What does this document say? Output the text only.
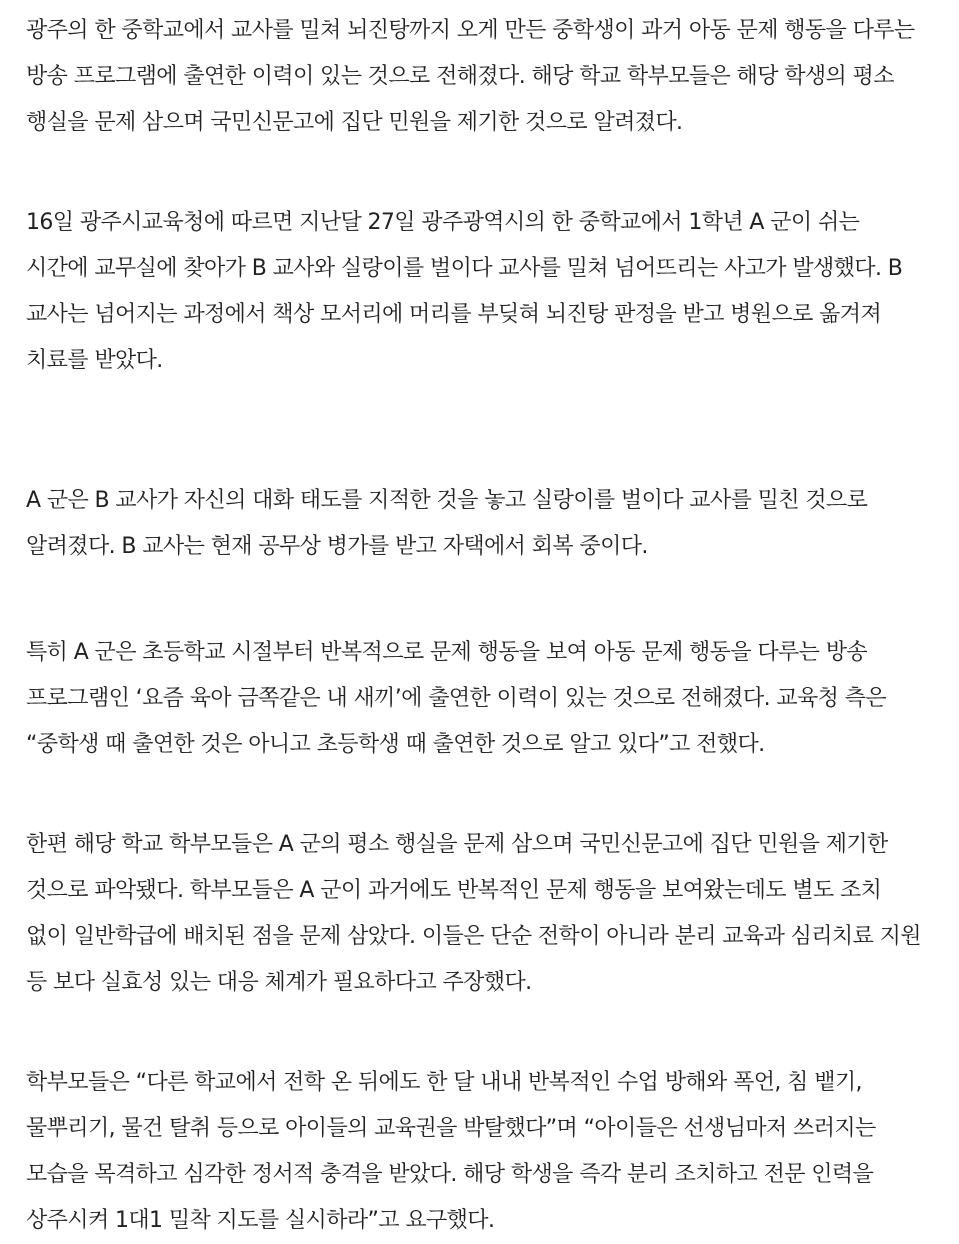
광주의 한 중학교에서 교사를 밀쳐 뇌진탕까지 오게 만든 중학생이 과거 아동 문제 행동을 다루는 방송 프로그램에 출연한 이력이 있는 것으로 전해졌다. 해당 학교 학부모들은 해당 학생의 평소 행실을 문제 삼으며 국민신문고에 집단 민원을 제기한 것으로 알려졌다.

16일 광주시교육청에 따르면 지난달 27일 광주광역시의 한 중학교에서 1학년 A 군이 쉬는 시간에 교무실에 찾아가 B 교사와 실랑이를 벌이다 교사를 밀쳐 넘어뜨리는 사고가 발생했다. B 교사는 넘어지는 과정에서 책상 모서리에 머리를 부딪혀 뇌진탕 판정을 받고 병원으로 옮겨져 치료를 받았다.

A 군은 B 교사가 자신의 대화 태도를 지적한 것을 놓고 실랑이를 벌이다 교사를 밀친 것으로 알려졌다. B 교사는 현재 공무상 병가를 받고 자택에서 회복 중이다.

특히 A 군은 초등학교 시절부터 반복적으로 문제 행동을 보여 아동 문제 행동을 다루는 방송 프로그램인 ‘요즘 육아 금쪽같은 내 새끼’에 출연한 이력이 있는 것으로 전해졌다. 교육청 측은 “중학생 때 출연한 것은 아니고 초등학생 때 출연한 것으로 알고 있다”고 전했다.

한편 해당 학교 학부모들은 A 군의 평소 행실을 문제 삼으며 국민신문고에 집단 민원을 제기한 것으로 파악됐다. 학부모들은 A 군이 과거에도 반복적인 문제 행동을 보여왔는데도 별도 조치 없이 일반학급에 배치된 점을 문제 삼았다. 이들은 단순 전학이 아니라 분리 교육과 심리치료 지원 등 보다 실효성 있는 대응 체계가 필요하다고 주장했다.

학부모들은 “다른 학교에서 전학 온 뒤에도 한 달 내내 반복적인 수업 방해와 폭언, 침 뱉기, 물뿌리기, 물건 탈취 등으로 아이들의 교육권을 박탈했다”며 “아이들은 선생님마저 쓰러지는 모습을 목격하고 심각한 정서적 충격을 받았다. 해당 학생을 즉각 분리 조치하고 전문 인력을 상주시켜 1대1 밀착 지도를 실시하라”고 요구했다.
